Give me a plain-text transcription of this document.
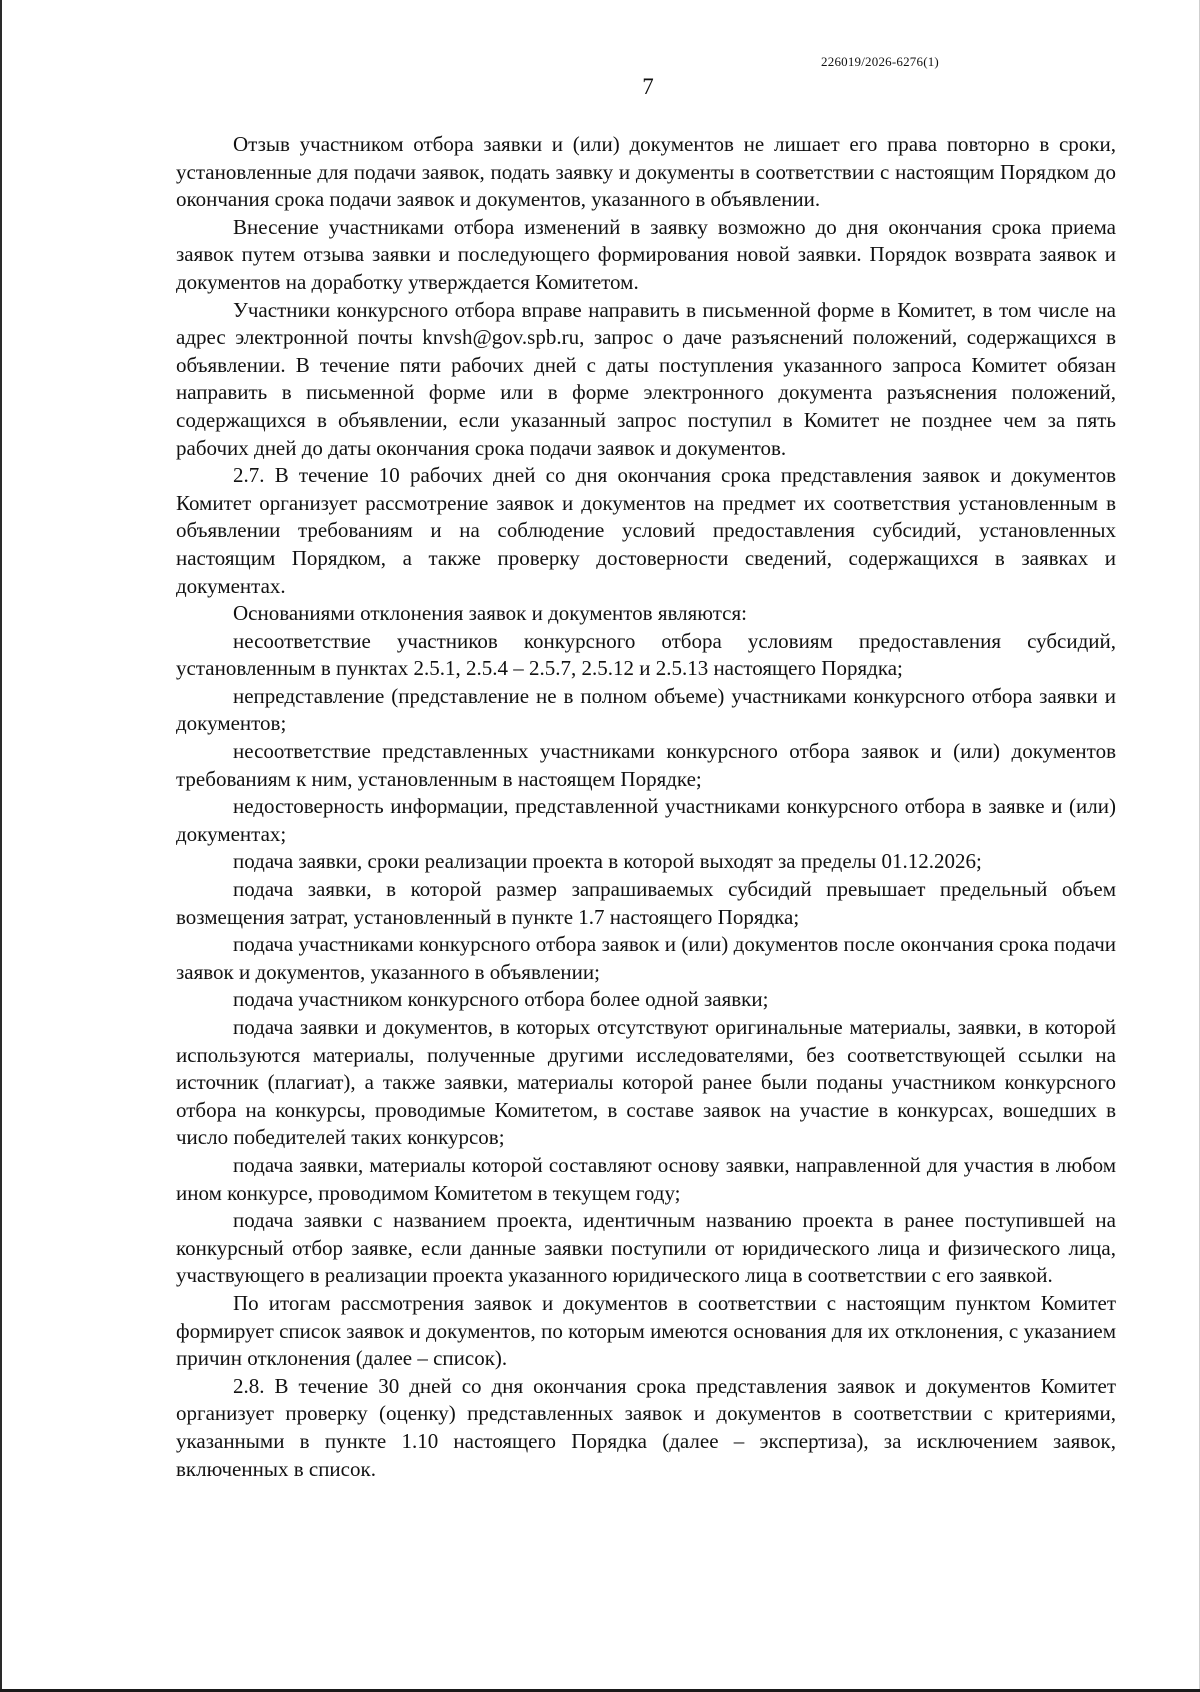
226019/2026-6276(1)
7

Отзыв участником отбора заявки и (или) документов не лишает его права повторно в сроки, установленные для подачи заявок, подать заявку и документы в соответствии с настоящим Порядком до окончания срока подачи заявок и документов, указанного в объявлении.

Внесение участниками отбора изменений в заявку возможно до дня окончания срока приема заявок путем отзыва заявки и последующего формирования новой заявки. Порядок возврата заявок и документов на доработку утверждается Комитетом.

Участники конкурсного отбора вправе направить в письменной форме в Комитет, в том числе на адрес электронной почты knvsh@gov.spb.ru, запрос о даче разъяснений положений, содержащихся в объявлении. В течение пяти рабочих дней с даты поступления указанного запроса Комитет обязан направить в письменной форме или в форме электронного документа разъяснения положений, содержащихся в объявлении, если указанный запрос поступил в Комитет не позднее чем за пять рабочих дней до даты окончания срока подачи заявок и документов.

2.7. В течение 10 рабочих дней со дня окончания срока представления заявок и документов Комитет организует рассмотрение заявок и документов на предмет их соответствия установленным в объявлении требованиям и на соблюдение условий предоставления субсидий, установленных настоящим Порядком, а также проверку достоверности сведений, содержащихся в заявках и документах.

Основаниями отклонения заявок и документов являются:

несоответствие участников конкурсного отбора условиям предоставления субсидий, установленным в пунктах 2.5.1, 2.5.4 – 2.5.7, 2.5.12 и 2.5.13 настоящего Порядка;

непредставление (представление не в полном объеме) участниками конкурсного отбора заявки и документов;

несоответствие представленных участниками конкурсного отбора заявок и (или) документов требованиям к ним, установленным в настоящем Порядке;

недостоверность информации, представленной участниками конкурсного отбора в заявке и (или) документах;

подача заявки, сроки реализации проекта в которой выходят за пределы 01.12.2026;

подача заявки, в которой размер запрашиваемых субсидий превышает предельный объем возмещения затрат, установленный в пункте 1.7 настоящего Порядка;

подача участниками конкурсного отбора заявок и (или) документов после окончания срока подачи заявок и документов, указанного в объявлении;

подача участником конкурсного отбора более одной заявки;

подача заявки и документов, в которых отсутствуют оригинальные материалы, заявки, в которой используются материалы, полученные другими исследователями, без соответствующей ссылки на источник (плагиат), а также заявки, материалы которой ранее были поданы участником конкурсного отбора на конкурсы, проводимые Комитетом, в составе заявок на участие в конкурсах, вошедших в число победителей таких конкурсов;

подача заявки, материалы которой составляют основу заявки, направленной для участия в любом ином конкурсе, проводимом Комитетом в текущем году;

подача заявки с названием проекта, идентичным названию проекта в ранее поступившей на конкурсный отбор заявке, если данные заявки поступили от юридического лица и физического лица, участвующего в реализации проекта указанного юридического лица в соответствии с его заявкой.

По итогам рассмотрения заявок и документов в соответствии с настоящим пунктом Комитет формирует список заявок и документов, по которым имеются основания для их отклонения, с указанием причин отклонения (далее – список).

2.8. В течение 30 дней со дня окончания срока представления заявок и документов Комитет организует проверку (оценку) представленных заявок и документов в соответствии с критериями, указанными в пункте 1.10 настоящего Порядка (далее – экспертиза), за исключением заявок, включенных в список.
